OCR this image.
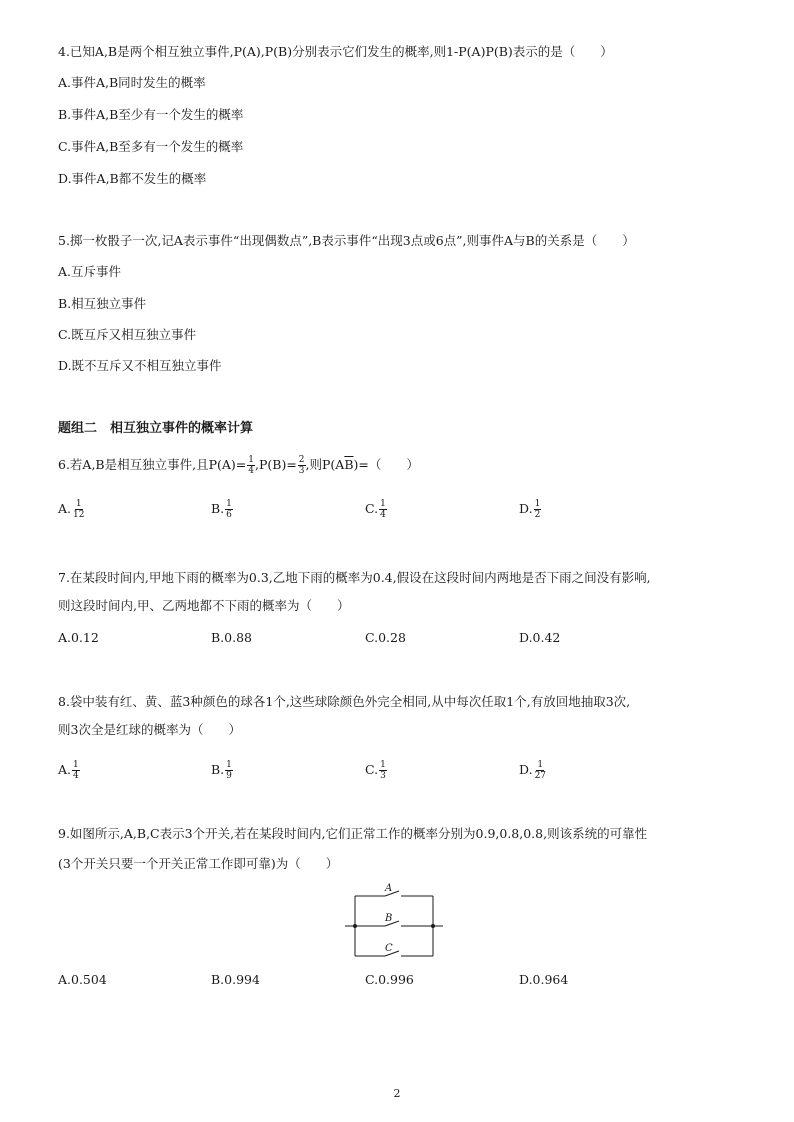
4.已知A,B是两个相互独立事件,P(A),P(B)分别表示它们发生的概率,则1-P(A)P(B)表示的是（　　）
A.事件A,B同时发生的概率
B.事件A,B至少有一个发生的概率
C.事件A,B至多有一个发生的概率
D.事件A,B都不发生的概率
5.掷一枚骰子一次,记A表示事件“出现偶数点”,B表示事件“出现3点或6点”,则事件A与B的关系是（　　）
A.互斥事件
B.相互独立事件
C.既互斥又相互独立事件
D.既不互斥又不相互独立事件
题组二　相互独立事件的概率计算
6.若A,B是相互独立事件,且$P(A)= \frac{1}{4} ,P(B)= \frac{2}{3}$ ,则$P(A\overline{B})=$（　　）
A. $\frac{1}{12}$	B. $\frac{1}{6}$	C. $\frac{1}{4}$	D. $\frac{1}{2}$
7.在某段时间内,甲地下雨的概率为0.3,乙地下雨的概率为0.4,假设在这段时间内两地是否下雨之间没有影响,
则这段时间内,甲、乙两地都不下雨的概率为（　　）
A.0.12	B.0.88	C.0.28	D.0.42
8.袋中装有红、黄、蓝3种颜色的球各1个,这些球除颜色外完全相同,从中每次任取1个,有放回地抽取3次,
则3次全是红球的概率为（　　）
A. $\frac{1}{4}$	B. $\frac{1}{9}$	C. $\frac{1}{3}$	D. $\frac{1}{27}$
9.如图所示,A,B,C表示3个开关,若在某段时间内,它们正常工作的概率分别为0.9,0.8,0.8,则该系统的可靠性
(3个开关只要一个开关正常工作即可靠)为（　　）
A
B
C
A.0.504	B.0.994	C.0.996	D.0.964
2
